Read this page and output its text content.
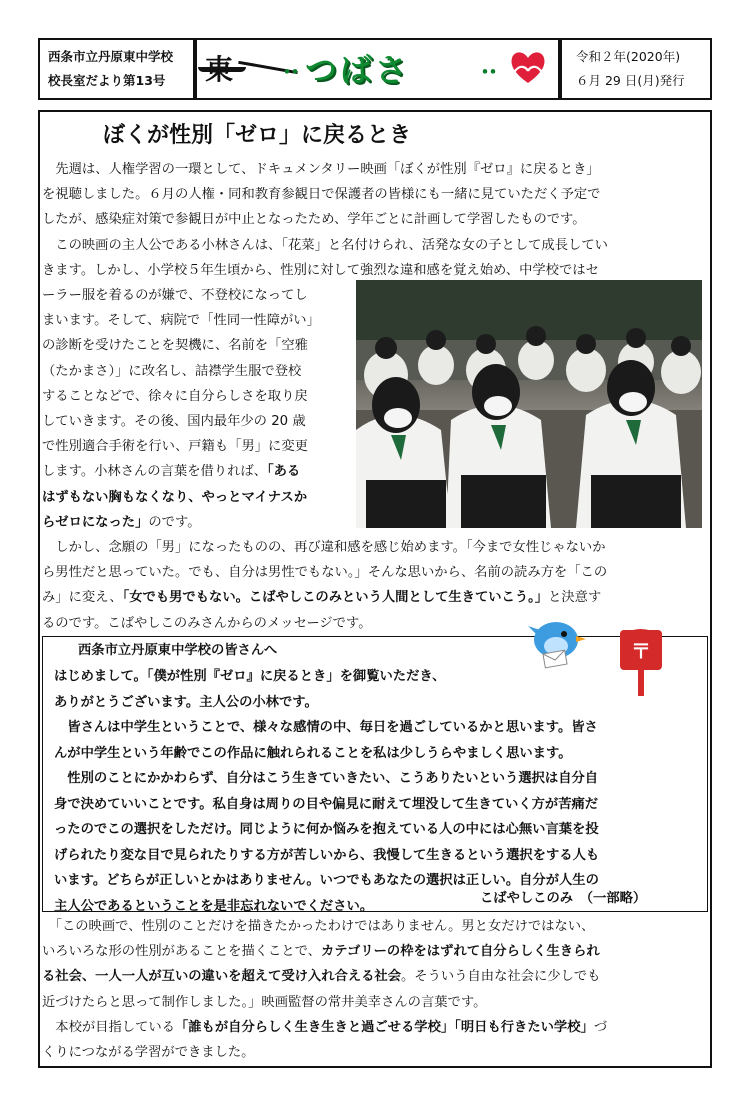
西条市立丹原東中学校
校長室だより第13号
令和２年(2020年)
６月 29 日(月)発行
東 ･･ つばさ	･･
ぼくが性別「ゼロ」に戻るとき
　先週は、人権学習の一環として、ドキュメンタリー映画「ぼくが性別『ゼロ』に戻るとき」
を視聴しました。６月の人権・同和教育参観日で保護者の皆様にも一緒に見ていただく予定で
したが、感染症対策で参観日が中止となったため、学年ごとに計画して学習したものです。
　この映画の主人公である小林さんは、「花菜」と名付けられ、活発な女の子として成長してい
きます。しかし、小学校５年生頃から、性別に対して強烈な違和感を覚え始め、中学校ではセ
ーラー服を着るのが嫌で、不登校になってし
まいます。そして、病院で「性同一性障がい」
の診断を受けたことを契機に、名前を「空雅
（たかまさ）」に改名し、詰襟学生服で登校
することなどで、徐々に自分らしさを取り戻
していきます。その後、国内最年少の 20 歳
で性別適合手術を行い、戸籍も「男」に変更
します。小林さんの言葉を借りれば、「ある
はずもない胸もなくなり、やっとマイナスか
らゼロになった」のです。
　しかし、念願の「男」になったものの、再び違和感を感じ始めます。「今まで女性じゃないか
ら男性だと思っていた。でも、自分は男性でもない。」そんな思いから、名前の読み方を「この
み」に変え、「女でも男でもない。こばやしこのみという人間として生きていこう。」と決意す
るのです。こばやしこのみさんからのメッセージです。
〒
西条市立丹原東中学校の皆さんへ
はじめまして。「僕が性別『ゼロ』に戻るとき」を御覧いただき、
ありがとうございます。主人公の小林です。
　皆さんは中学生ということで、様々な感情の中、毎日を過ごしているかと思います。皆さ
んが中学生という年齢でこの作品に触れられることを私は少しうらやましく思います。
　性別のことにかかわらず、自分はこう生きていきたい、こうありたいという選択は自分自
身で決めていいことです。私自身は周りの目や偏見に耐えて埋没して生きていく方が苦痛だ
ったのでこの選択をしただけ。同じように何か悩みを抱えている人の中には心無い言葉を投
げられたり変な目で見られたりする方が苦しいから、我慢して生きるという選択をする人も
います。どちらが正しいとかはありません。いつでもあなたの選択は正しい。自分が人生の
主人公であるということを是非忘れないでください。	こばやしこのみ　（一部略）
　「この映画で、性別のことだけを描きたかったわけではありません。男と女だけではない、
いろいろな形の性別があることを描くことで、カテゴリーの枠をはずれて自分らしく生きられ
る社会、一人一人が互いの違いを超えて受け入れ合える社会。そういう自由な社会に少しでも
近づけたらと思って制作しました。」映画監督の常井美幸さんの言葉です。
　本校が目指している「誰もが自分らしく生き生きと過ごせる学校」「明日も行きたい学校」づ
くりにつながる学習ができました。
